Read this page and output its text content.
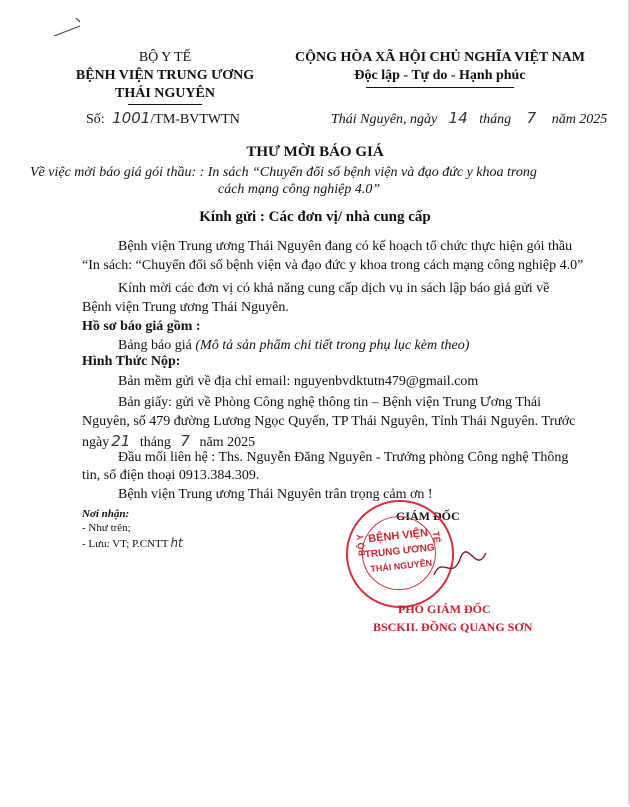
BỘ Y TẾ
BỆNH VIỆN TRUNG ƯƠNG
THÁI NGUYÊN
Số: 1001/TM-BVTWTN
CỘNG HÒA XÃ HỘI CHỦ NGHĨA VIỆT NAM
Độc lập - Tự do - Hạnh phúc
Thái Nguyên, ngày 14 tháng 7 năm 2025
THƯ MỜI BÁO GIÁ
Về việc mời báo giá gói thầu: : In sách “Chuyển đổi số bệnh viện và đạo đức y khoa trong
cách mạng công nghiệp 4.0”
Kính gửi : Các đơn vị/ nhà cung cấp
Bệnh viện Trung ương Thái Nguyên đang có kế hoạch tổ chức thực hiện gói thầu
“In sách: “Chuyển đổi số bệnh viện và đạo đức y khoa trong cách mạng công nghiệp 4.0”
Kính mời các đơn vị có khả năng cung cấp dịch vụ in sách lập báo giá gửi về
Bệnh viện Trung ương Thái Nguyên.
Hồ sơ báo giá gồm :
Bảng báo giá (Mô tả sản phẩm chi tiết trong phụ lục kèm theo)
Hình Thức Nộp:
Bản mềm gửi về địa chỉ email: nguyenbvdktutn479@gmail.com
Bản giấy: gửi về Phòng Công nghệ thông tin – Bệnh viện Trung Ương Thái
Nguyên, số 479 đường Lương Ngọc Quyến, TP Thái Nguyên, Tỉnh Thái Nguyên. Trước
ngày 21 tháng 7 năm 2025
Đầu mối liên hệ : Ths. Nguyễn Đăng Nguyên - Trưởng phòng Công nghệ Thông
tin, số điện thoại 0913.384.309.
Bệnh viện Trung ương Thái Nguyên trân trọng cảm ơn !
Nơi nhận:
- Như trên;
- Lưu: VT; P.CNTT ht
GIÁM ĐỐC
BỆNH VIỆN
TRUNG ƯƠNG
THÁI NGUYÊN
BỘ Y	TẾ
PHÓ GIÁM ĐỐC
BSCKII. ĐỒNG QUANG SƠN
